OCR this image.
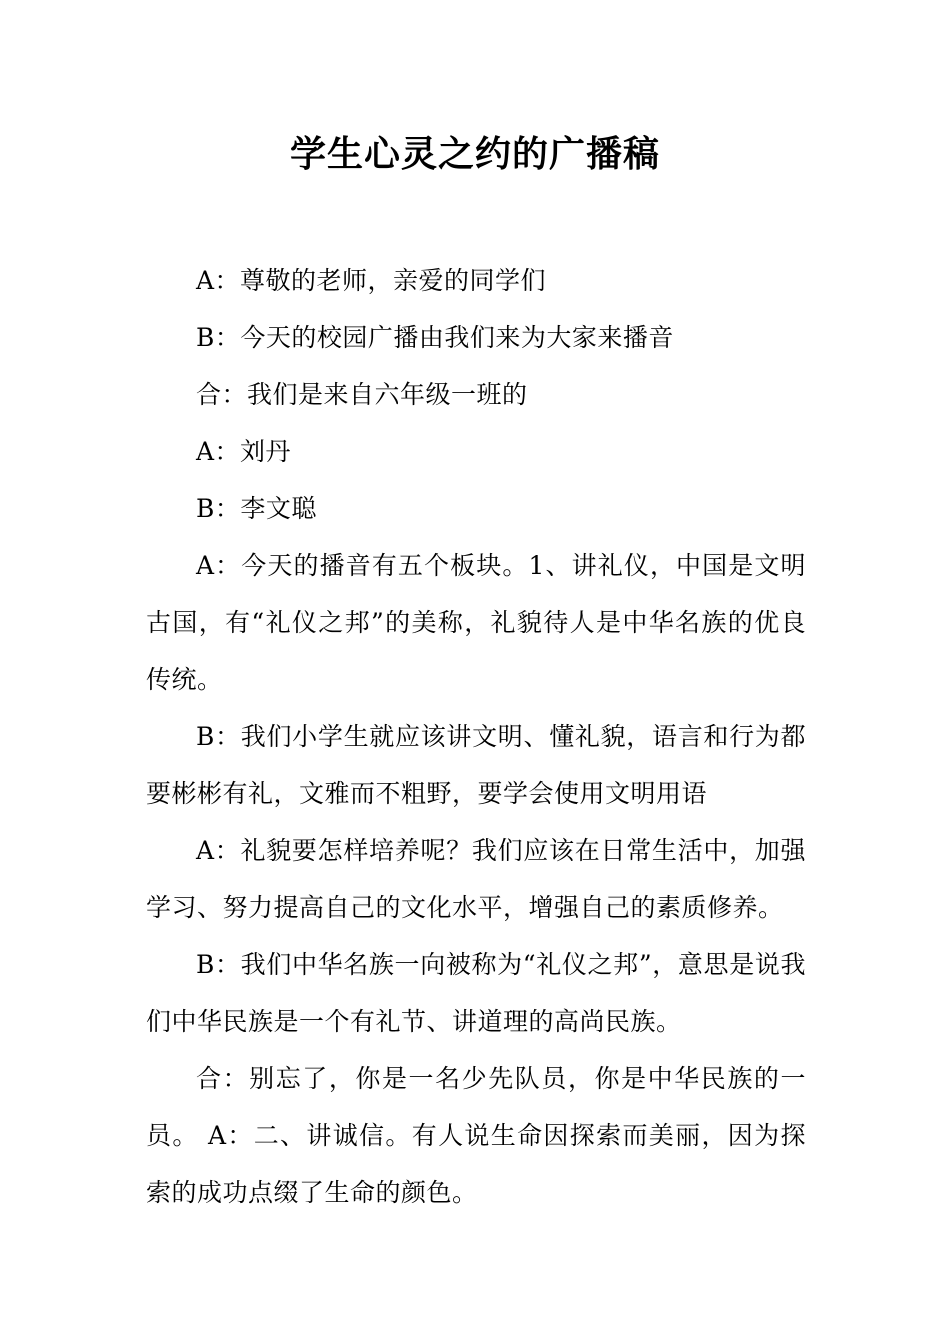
学生心灵之约的广播稿

A：尊敬的老师，亲爱的同学们

B：今天的校园广播由我们来为大家来播音

合：我们是来自六年级一班的

A：刘丹

B：李文聪

A：今天的播音有五个板块。1、讲礼仪，中国是文明古国，有“礼仪之邦”的美称，礼貌待人是中华名族的优良传统。

B：我们小学生就应该讲文明、懂礼貌，语言和行为都要彬彬有礼，文雅而不粗野，要学会使用文明用语

A：礼貌要怎样培养呢？我们应该在日常生活中，加强学习、努力提高自己的文化水平，增强自己的素质修养。

B：我们中华名族一向被称为“礼仪之邦”，意思是说我们中华民族是一个有礼节、讲道理的高尚民族。

合：别忘了，你是一名少先队员，你是中华民族的一员。 A：二、讲诚信。有人说生命因探索而美丽，因为探索的成功点缀了生命的颜色。
